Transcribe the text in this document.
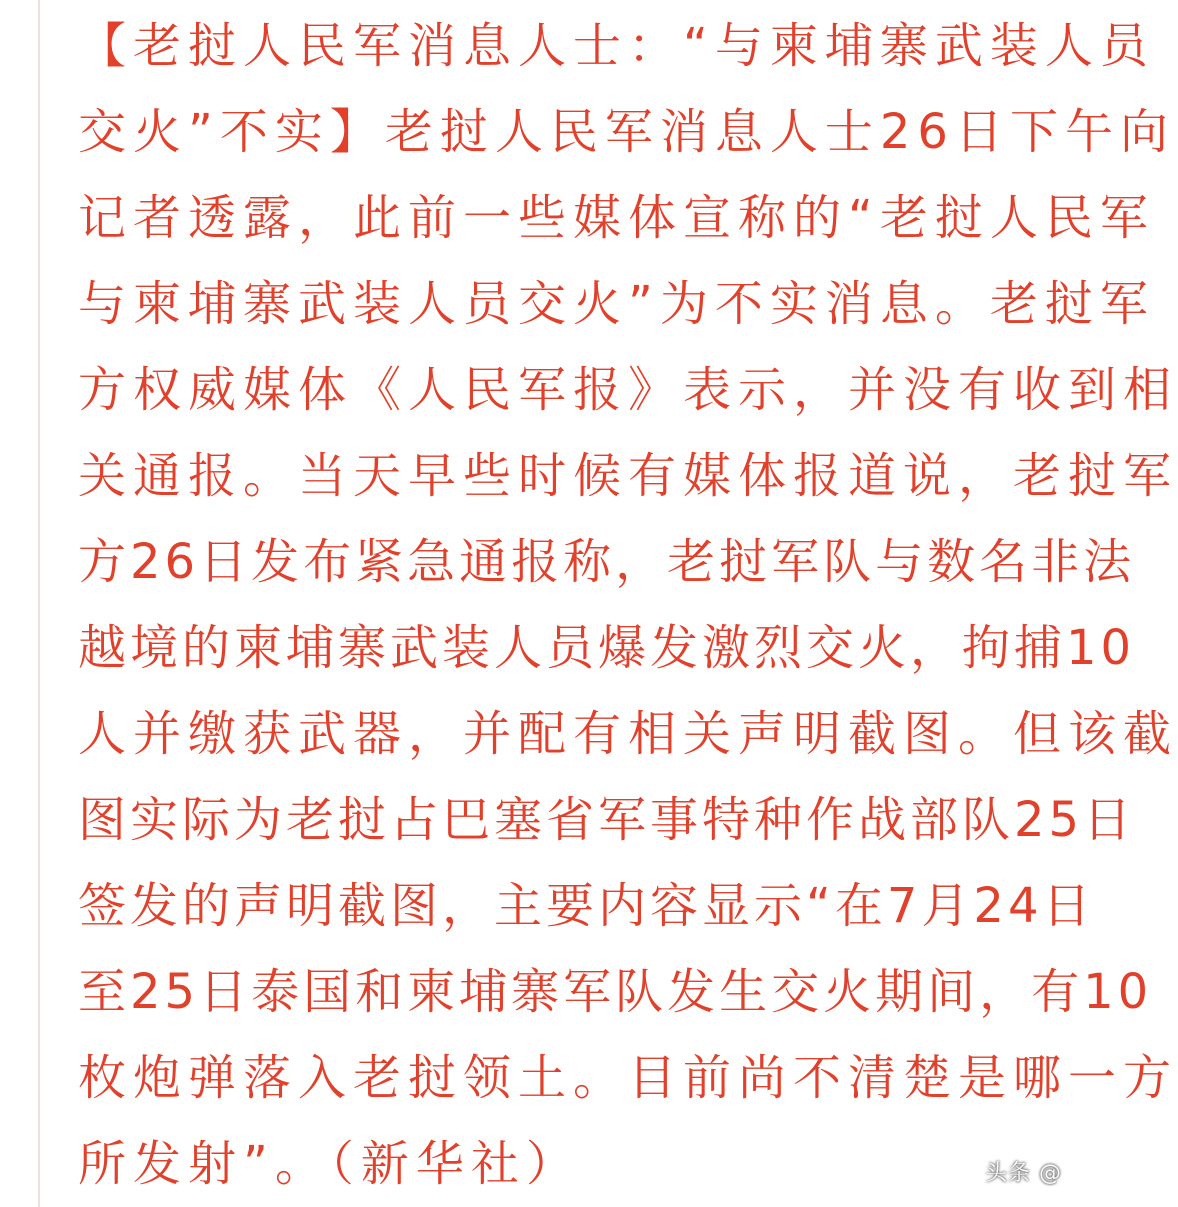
【老挝人民军消息人士：“与柬埔寨武装人员
交火”不实】老挝人民军消息人士26日下午向
记者透露，此前一些媒体宣称的“老挝人民军
与柬埔寨武装人员交火”为不实消息。老挝军
方权威媒体《人民军报》表示，并没有收到相
关通报。当天早些时候有媒体报道说，老挝军
方26日发布紧急通报称，老挝军队与数名非法
越境的柬埔寨武装人员爆发激烈交火，拘捕10
人并缴获武器，并配有相关声明截图。但该截
图实际为老挝占巴塞省军事特种作战部队25日
签发的声明截图，主要内容显示“在7月24日
至25日泰国和柬埔寨军队发生交火期间，有10
枚炮弹落入老挝领土。目前尚不清楚是哪一方
所发射”。（新华社）	头条 @
